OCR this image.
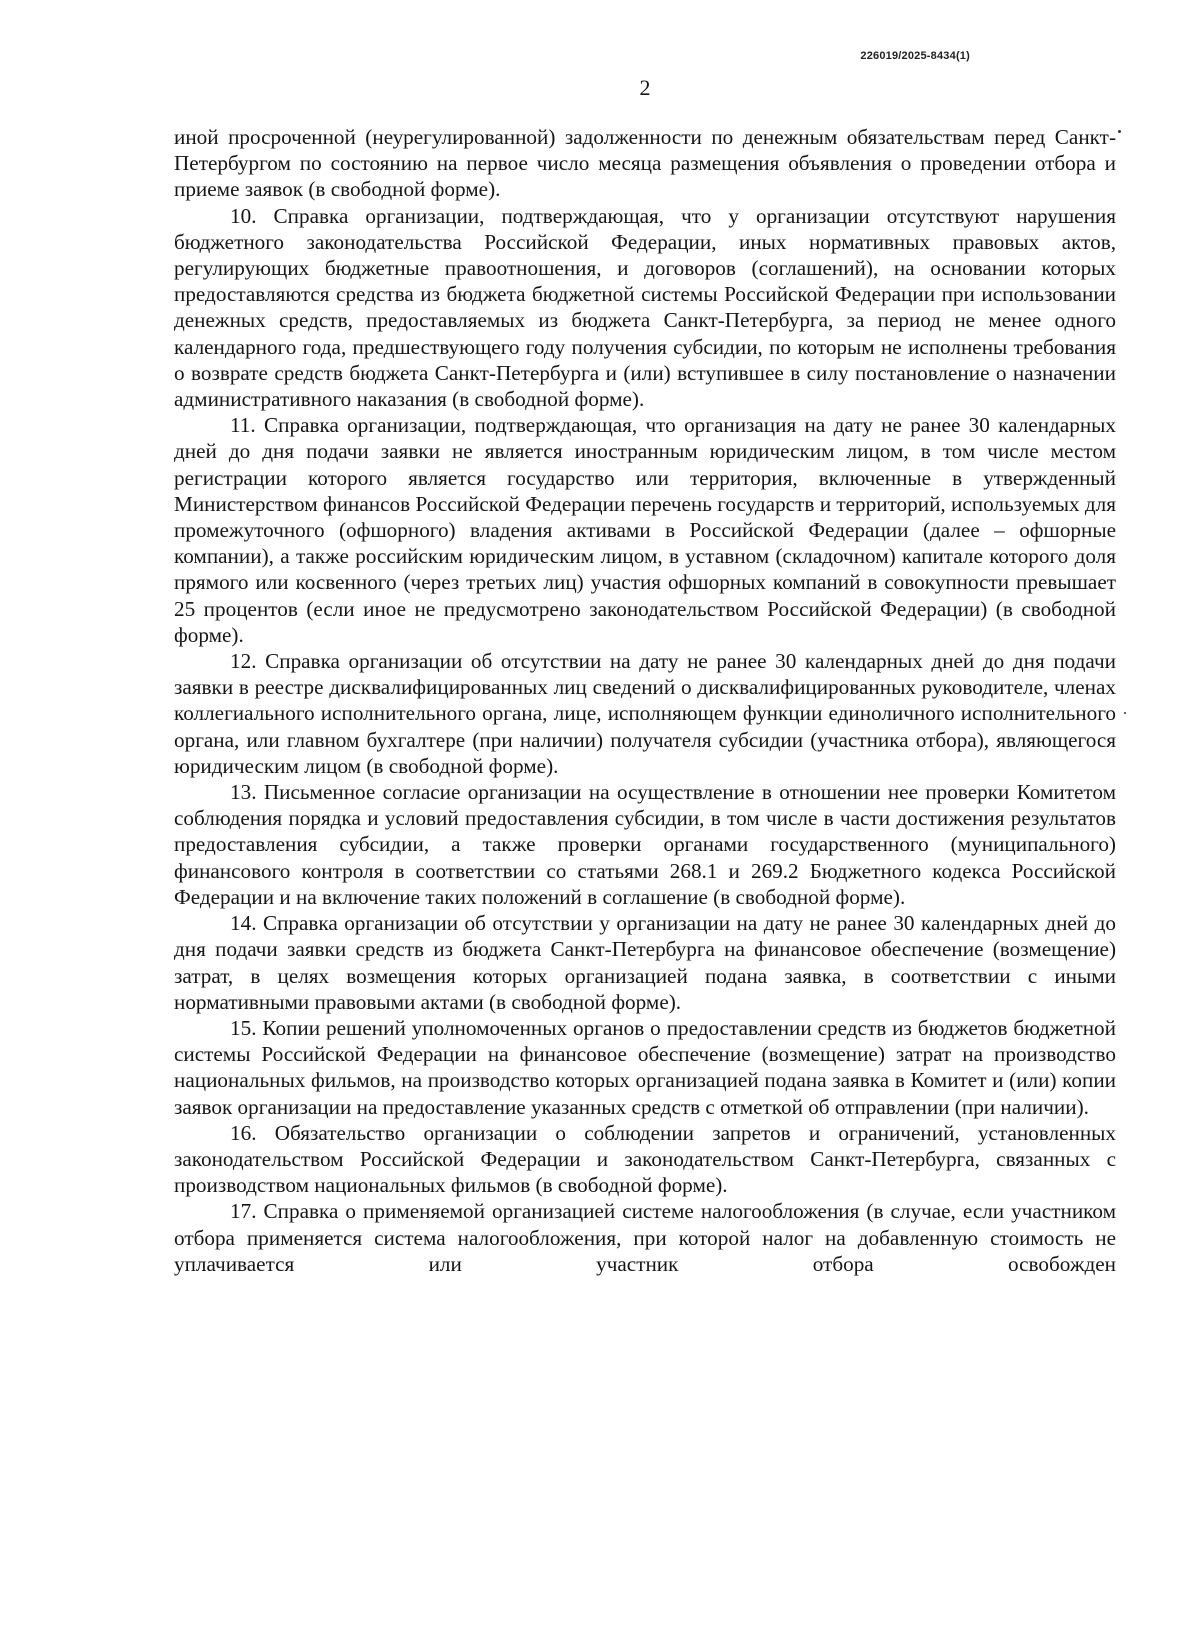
226019/2025-8434(1)
2

иной просроченной (неурегулированной) задолженности по денежным обязательствам перед Санкт-Петербургом по состоянию на первое число месяца размещения объявления о проведении отбора и приеме заявок (в свободной форме).

10. Справка организации, подтверждающая, что у организации отсутствуют нарушения бюджетного законодательства Российской Федерации, иных нормативных правовых актов, регулирующих бюджетные правоотношения, и договоров (соглашений), на основании которых предоставляются средства из бюджета бюджетной системы Российской Федерации при использовании денежных средств, предоставляемых из бюджета Санкт-Петербурга, за период не менее одного календарного года, предшествующего году получения субсидии, по которым не исполнены требования о возврате средств бюджета Санкт-Петербурга и (или) вступившее в силу постановление о назначении административного наказания (в свободной форме).

11. Справка организации, подтверждающая, что организация на дату не ранее 30 календарных дней до дня подачи заявки не является иностранным юридическим лицом, в том числе местом регистрации которого является государство или территория, включенные в утвержденный Министерством финансов Российской Федерации перечень государств и территорий, используемых для промежуточного (офшорного) владения активами в Российской Федерации (далее – офшорные компании), а также российским юридическим лицом, в уставном (складочном) капитале которого доля прямого или косвенного (через третьих лиц) участия офшорных компаний в совокупности превышает 25 процентов (если иное не предусмотрено законодательством Российской Федерации) (в свободной форме).

12. Справка организации об отсутствии на дату не ранее 30 календарных дней до дня подачи заявки в реестре дисквалифицированных лиц сведений о дисквалифицированных руководителе, членах коллегиального исполнительного органа, лице, исполняющем функции единоличного исполнительного органа, или главном бухгалтере (при наличии) получателя субсидии (участника отбора), являющегося юридическим лицом (в свободной форме).

13. Письменное согласие организации на осуществление в отношении нее проверки Комитетом соблюдения порядка и условий предоставления субсидии, в том числе в части достижения результатов предоставления субсидии, а также проверки органами государственного (муниципального) финансового контроля в соответствии со статьями 268.1 и 269.2 Бюджетного кодекса Российской Федерации и на включение таких положений в соглашение (в свободной форме).

14. Справка организации об отсутствии у организации на дату не ранее 30 календарных дней до дня подачи заявки средств из бюджета Санкт-Петербурга на финансовое обеспечение (возмещение) затрат, в целях возмещения которых организацией подана заявка, в соответствии с иными нормативными правовыми актами (в свободной форме).

15. Копии решений уполномоченных органов о предоставлении средств из бюджетов бюджетной системы Российской Федерации на финансовое обеспечение (возмещение) затрат на производство национальных фильмов, на производство которых организацией подана заявка в Комитет и (или) копии заявок организации на предоставление указанных средств с отметкой об отправлении (при наличии).

16. Обязательство организации о соблюдении запретов и ограничений, установленных законодательством Российской Федерации и законодательством Санкт-Петербурга, связанных с производством национальных фильмов (в свободной форме).

17. Справка о применяемой организацией системе налогообложения (в случае, если участником отбора применяется система налогообложения, при которой налог на добавленную стоимость не уплачивается или участник отбора освобожден
